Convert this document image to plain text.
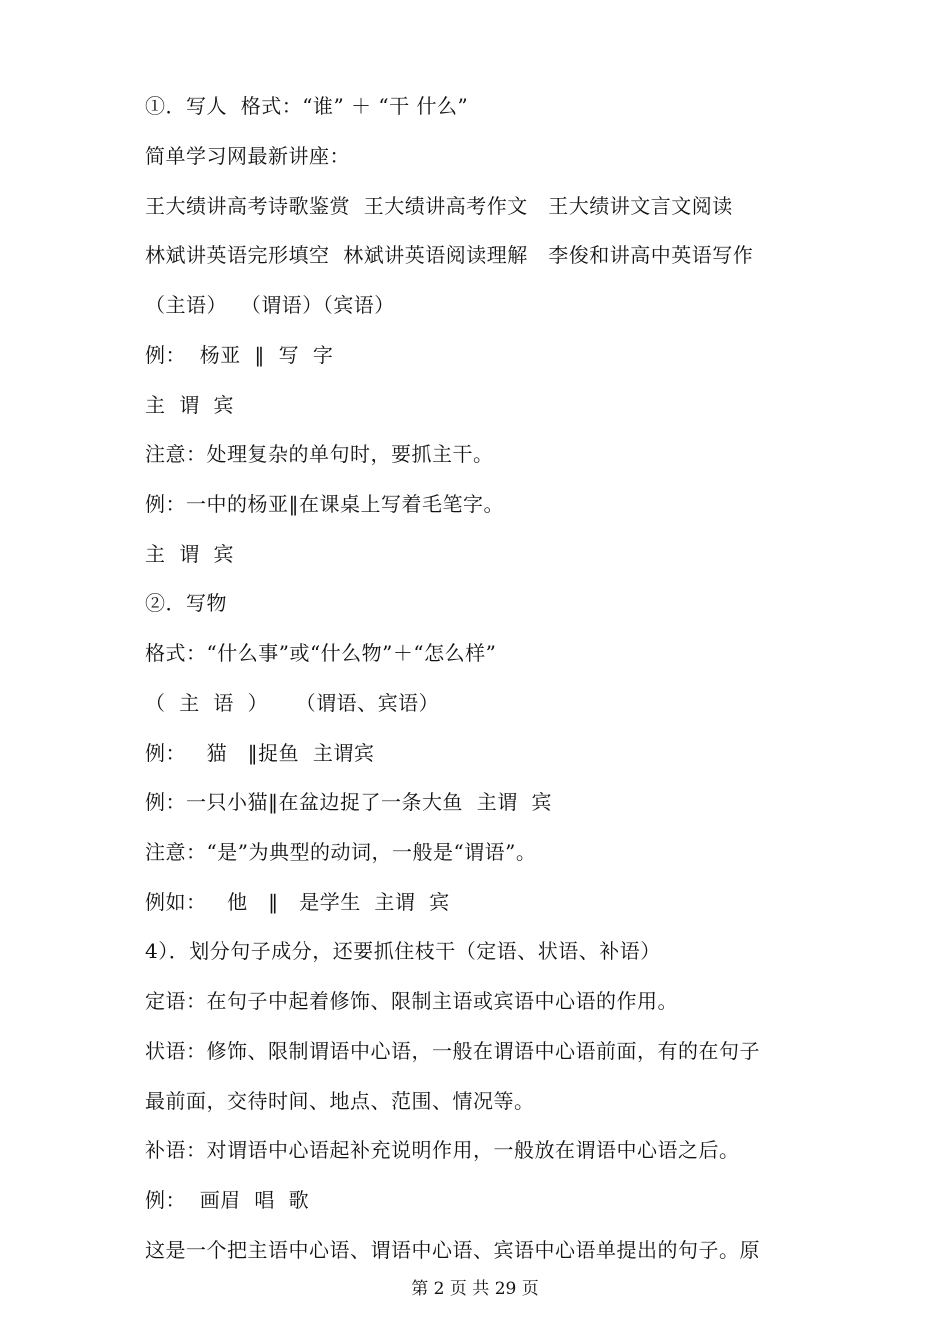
①．写人  格式：“谁” ＋ “干 什么”
简单学习网最新讲座：
王大绩讲高考诗歌鉴赏  王大绩讲高考作文   王大绩讲文言文阅读
林斌讲英语完形填空  林斌讲英语阅读理解   李俊和讲高中英语写作
（主语）  （谓语）（宾语）
例：  杨亚  ‖  写  字
主  谓  宾
注意：处理复杂的单句时，要抓主干。
例：一中的杨亚‖在课桌上写着毛笔字。
主  谓  宾
②．写物
格式：“什么事”或“什么物”＋“怎么样”
（  主  语  ）    （谓语、宾语）
例：   猫   ‖捉鱼  主谓宾
例：一只小猫‖在盆边捉了一条大鱼  主谓  宾
注意：“是”为典型的动词，一般是“谓语”。
例如：   他   ‖   是学生  主谓  宾
4）．划分句子成分，还要抓住枝干（定语、状语、补语）
定语：在句子中起着修饰、限制主语或宾语中心语的作用。
状语：修饰、限制谓语中心语，一般在谓语中心语前面，有的在句子
最前面，交待时间、地点、范围、情况等。
补语：对谓语中心语起补充说明作用，一般放在谓语中心语之后。
例：  画眉  唱  歌
这是一个把主语中心语、谓语中心语、宾语中心语单提出的句子。原
第 2 页 共 29 页
